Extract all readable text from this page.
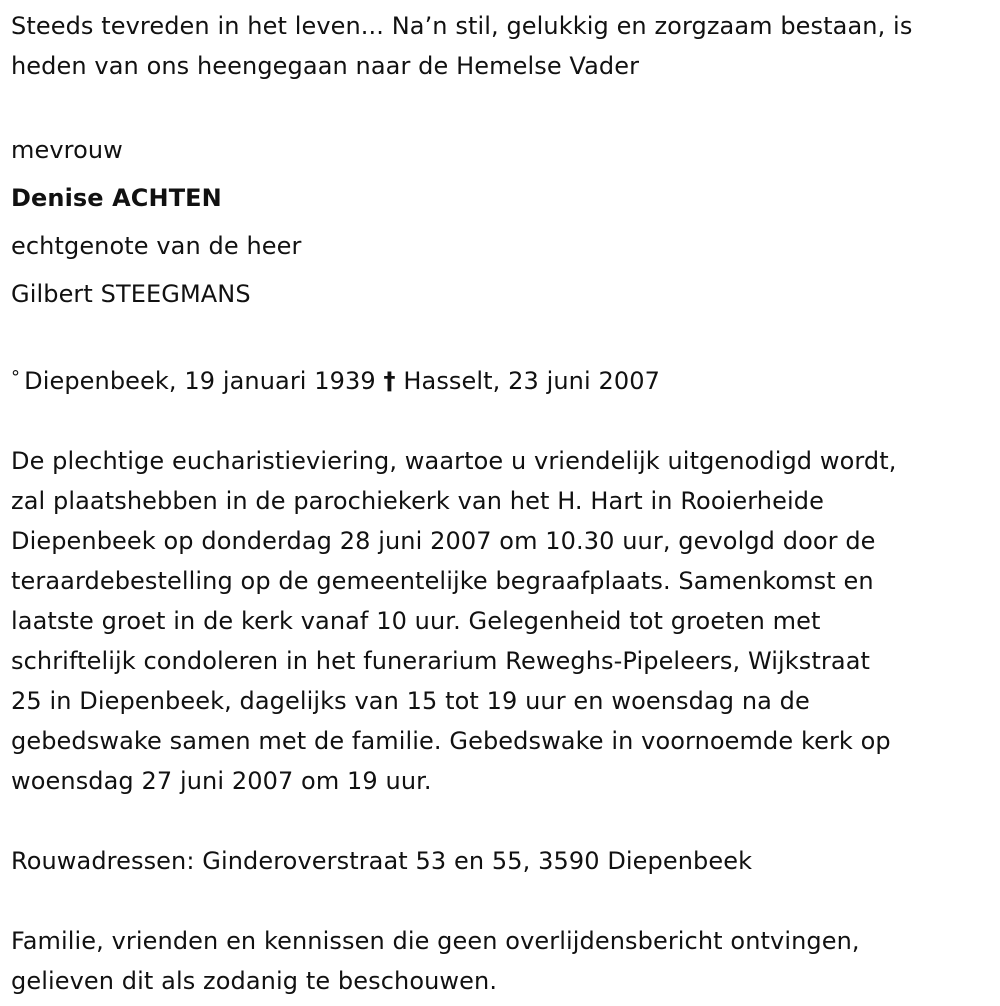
Steeds tevreden in het leven... Na’n stil, gelukkig en zorgzaam bestaan, is
heden van ons heengegaan naar de Hemelse Vader
mevrouw
Denise ACHTEN
echtgenote van de heer
Gilbert STEEGMANS
° Diepenbeek, 19 januari 1939 † Hasselt, 23 juni 2007
De plechtige eucharistieviering, waartoe u vriendelijk uitgenodigd wordt,
zal plaatshebben in de parochiekerk van het H. Hart in Rooierheide
Diepenbeek op donderdag 28 juni 2007 om 10.30 uur, gevolgd door de
teraardebestelling op de gemeentelijke begraafplaats. Samenkomst en
laatste groet in de kerk vanaf 10 uur. Gelegenheid tot groeten met
schriftelijk condoleren in het funerarium Reweghs-Pipeleers, Wijkstraat
25 in Diepenbeek, dagelijks van 15 tot 19 uur en woensdag na de
gebedswake samen met de familie. Gebedswake in voornoemde kerk op
woensdag 27 juni 2007 om 19 uur.
Rouwadressen: Ginderoverstraat 53 en 55, 3590 Diepenbeek
Familie, vrienden en kennissen die geen overlijdensbericht ontvingen,
gelieven dit als zodanig te beschouwen.
